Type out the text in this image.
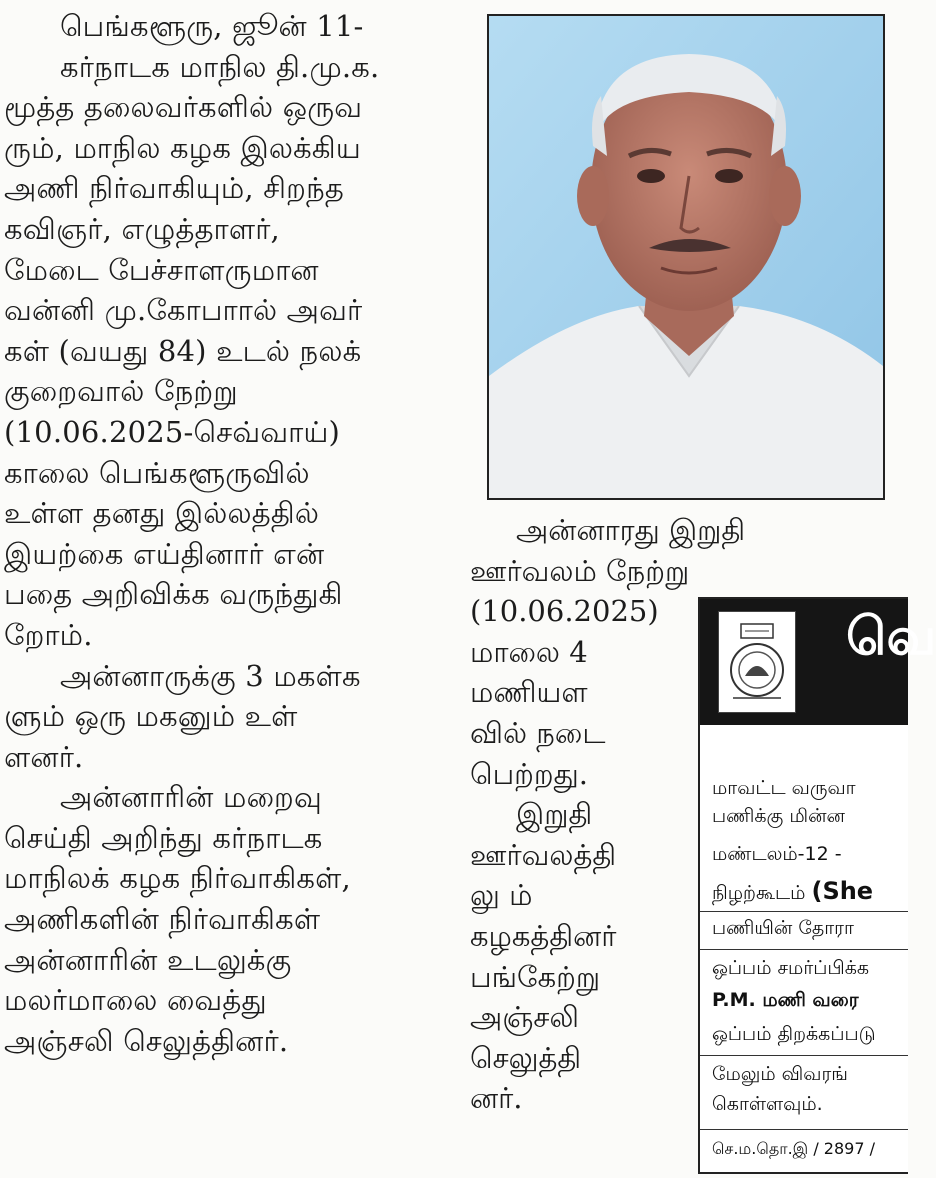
பெங்களூரு, ஜூன் 11-
கர்நாடக மாநில தி.மு.க.
மூத்த தலைவர்களில் ஒருவ
ரும், மாநில கழக இலக்கிய
அணி நிர்வாகியும், சிறந்த
கவிஞர், எழுத்தாளர்,
மேடை பேச்சாளருமான
வன்னி மு.கோபாால் அவர்
கள் (வயது 84) உடல் நலக்
குறைவால் நேற்று
(10.06.2025-செவ்வாய்)
காலை பெங்களூருவில்
உள்ள தனது இல்லத்தில்
இயற்கை எய்தினார் என்
பதை அறிவிக்க வருந்துகி
றோம்.
அன்னாருக்கு 3 மகள்க
ளும் ஒரு மகனும் உள்
ளனர்.
அன்னாரின் மறைவு
செய்தி அறிந்து கர்நாடக
மாநிலக் கழக நிர்வாகிகள்,
அணிகளின் நிர்வாகிகள்
அன்னாரின் உடலுக்கு
மலர்மாலை வைத்து
அஞ்சலி செலுத்தினர்.
அன்னாரது இறுதி
ஊர்வலம் நேற்று
(10.06.2025)
மாலை 4
மணியள
வில் நடை
பெற்றது.
இறுதி
ஊர்வலத்தி
லு ம்
கழகத்தினர்
பங்கேற்று
அஞ்சலி
செலுத்தி
னர்.
வெ
மாவட்ட வருவா
பணிக்கு மின்ன
மண்டலம்-12 -
நிழற்கூடம் (She
பணியின் தோரா
ஒப்பம் சமர்ப்பிக்க
P.M. மணி வரை
ஒப்பம் திறக்கப்படு
மேலும் விவரங்
கொள்ளவும்.
செ.ம.தொ.இ / 2897 /
